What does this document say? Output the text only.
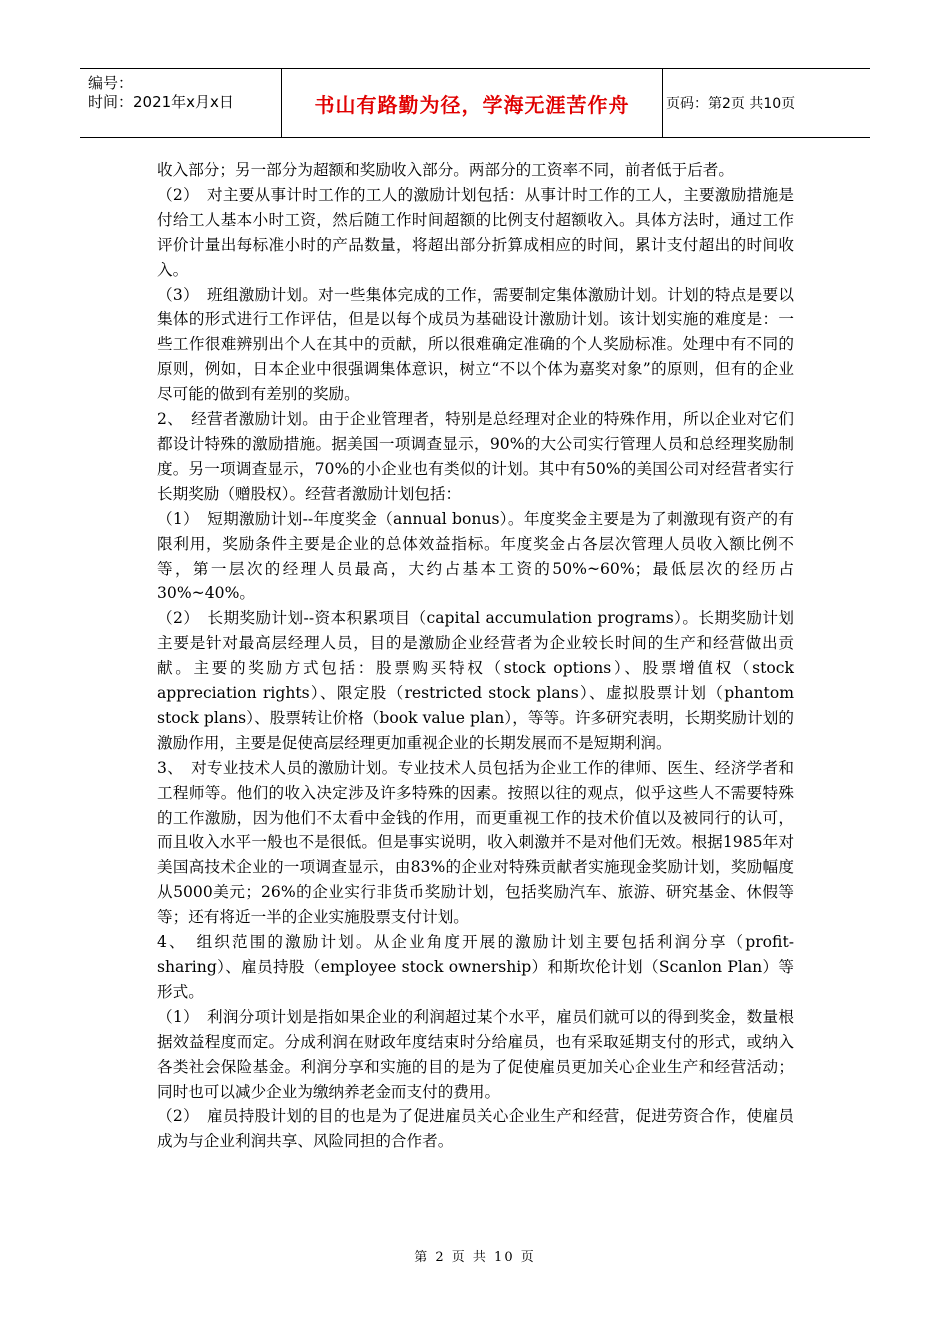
编号：
时间：2021年x月x日	书山有路勤为径，学海无涯苦作舟	页码：第2页 共10页

收入部分；另一部分为超额和奖励收入部分。两部分的工资率不同，前者低于后者。

（2）　对主要从事计时工作的工人的激励计划包括：从事计时工作的工人，主要激励措施是付给工人基本小时工资，然后随工作时间超额的比例支付超额收入。具体方法时，通过工作评价计量出每标准小时的产品数量，将超出部分折算成相应的时间，累计支付超出的时间收入。

（3）　班组激励计划。对一些集体完成的工作，需要制定集体激励计划。计划的特点是要以集体的形式进行工作评估，但是以每个成员为基础设计激励计划。该计划实施的难度是：一些工作很难辨别出个人在其中的贡献，所以很难确定准确的个人奖励标准。处理中有不同的原则，例如，日本企业中很强调集体意识，树立“不以个体为嘉奖对象”的原则，但有的企业尽可能的做到有差别的奖励。

2、　经营者激励计划。由于企业管理者，特别是总经理对企业的特殊作用，所以企业对它们都设计特殊的激励措施。据美国一项调查显示，90%的大公司实行管理人员和总经理奖励制度。另一项调查显示，70%的小企业也有类似的计划。其中有50%的美国公司对经营者实行长期奖励（赠股权）。经营者激励计划包括：

（1）　短期激励计划--年度奖金（annual bonus）。年度奖金主要是为了刺激现有资产的有限利用，奖励条件主要是企业的总体效益指标。年度奖金占各层次管理人员收入额比例不等，第一层次的经理人员最高，大约占基本工资的50%~60%；最低层次的经历占30%~40%。

（2）　长期奖励计划--资本积累项目（capital accumulation programs）。长期奖励计划主要是针对最高层经理人员，目的是激励企业经营者为企业较长时间的生产和经营做出贡献。主要的奖励方式包括：股票购买特权（stock options）、股票增值权（stock appreciation rights）、限定股（restricted stock plans）、虚拟股票计划（phantom stock plans）、股票转让价格（book value plan），等等。许多研究表明，长期奖励计划的激励作用，主要是促使高层经理更加重视企业的长期发展而不是短期利润。

3、　对专业技术人员的激励计划。专业技术人员包括为企业工作的律师、医生、经济学者和工程师等。他们的收入决定涉及许多特殊的因素。按照以往的观点，似乎这些人不需要特殊的工作激励，因为他们不太看中金钱的作用，而更重视工作的技术价值以及被同行的认可，而且收入水平一般也不是很低。但是事实说明，收入刺激并不是对他们无效。根据1985年对美国高技术企业的一项调查显示，由83%的企业对特殊贡献者实施现金奖励计划，奖励幅度从5000美元；26%的企业实行非货币奖励计划，包括奖励汽车、旅游、研究基金、休假等等；还有将近一半的企业实施股票支付计划。

4、　组织范围的激励计划。从企业角度开展的激励计划主要包括利润分享（profit-sharing）、雇员持股（employee stock ownership）和斯坎伦计划（Scanlon Plan）等形式。

（1）　利润分项计划是指如果企业的利润超过某个水平，雇员们就可以的得到奖金，数量根据效益程度而定。分成利润在财政年度结束时分给雇员，也有采取延期支付的形式，或纳入各类社会保险基金。利润分享和实施的目的是为了促使雇员更加关心企业生产和经营活动；同时也可以减少企业为缴纳养老金而支付的费用。

（2）　雇员持股计划的目的也是为了促进雇员关心企业生产和经营，促进劳资合作，使雇员成为与企业利润共享、风险同担的合作者。

第 2 页 共 10 页
